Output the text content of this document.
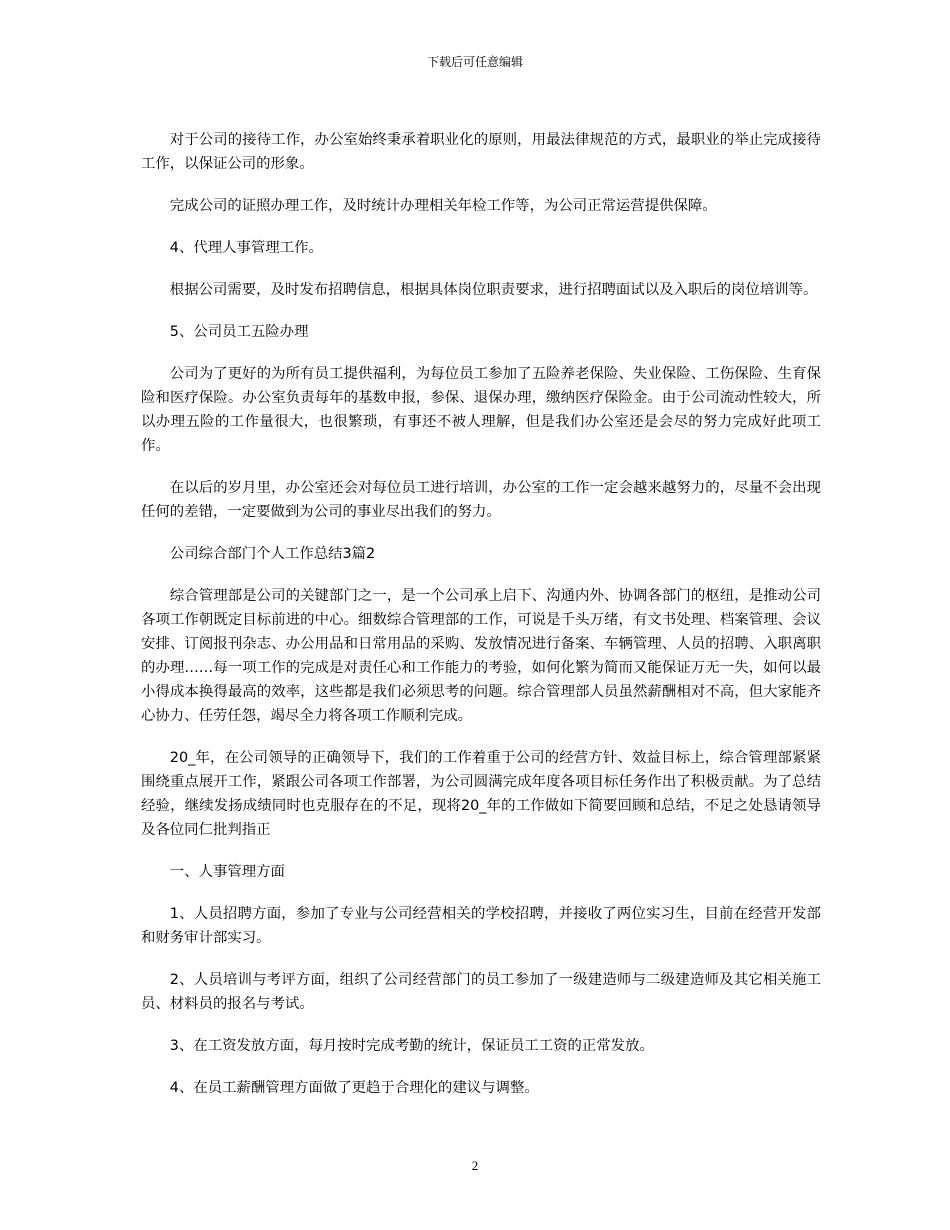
下载后可任意编辑

对于公司的接待工作，办公室始终秉承着职业化的原则，用最法律规范的方式，最职业的举止完成接待工作，以保证公司的形象。

完成公司的证照办理工作，及时统计办理相关年检工作等，为公司正常运营提供保障。

4、代理人事管理工作。

根据公司需要，及时发布招聘信息，根据具体岗位职责要求，进行招聘面试以及入职后的岗位培训等。

5、公司员工五险办理

公司为了更好的为所有员工提供福利，为每位员工参加了五险养老保险、失业保险、工伤保险、生育保险和医疗保险。办公室负责每年的基数申报，参保、退保办理，缴纳医疗保险金。由于公司流动性较大，所以办理五险的工作量很大，也很繁琐，有事还不被人理解，但是我们办公室还是会尽的努力完成好此项工作。

在以后的岁月里，办公室还会对每位员工进行培训，办公室的工作一定会越来越努力的，尽量不会出现任何的差错，一定要做到为公司的事业尽出我们的努力。

公司综合部门个人工作总结3篇2

综合管理部是公司的关键部门之一，是一个公司承上启下、沟通内外、协调各部门的枢纽，是推动公司各项工作朝既定目标前进的中心。细数综合管理部的工作，可说是千头万绪，有文书处理、档案管理、会议安排、订阅报刊杂志、办公用品和日常用品的采购、发放情况进行备案、车辆管理、人员的招聘、入职离职的办理……每一项工作的完成是对责任心和工作能力的考验，如何化繁为简而又能保证万无一失，如何以最小得成本换得最高的效率，这些都是我们必须思考的问题。综合管理部人员虽然薪酬相对不高，但大家能齐心协力、任劳任怨，竭尽全力将各项工作顺利完成。

20_年，在公司领导的正确领导下，我们的工作着重于公司的经营方针、效益目标上，综合管理部紧紧围绕重点展开工作，紧跟公司各项工作部署，为公司圆满完成年度各项目标任务作出了积极贡献。为了总结经验，继续发扬成绩同时也克服存在的不足，现将20_年的工作做如下简要回顾和总结，不足之处恳请领导及各位同仁批判指正

一、人事管理方面

1、人员招聘方面，参加了专业与公司经营相关的学校招聘，并接收了两位实习生，目前在经营开发部和财务审计部实习。

2、人员培训与考评方面，组织了公司经营部门的员工参加了一级建造师与二级建造师及其它相关施工员、材料员的报名与考试。

3、在工资发放方面，每月按时完成考勤的统计，保证员工工资的正常发放。

4、在员工薪酬管理方面做了更趋于合理化的建议与调整。

2
